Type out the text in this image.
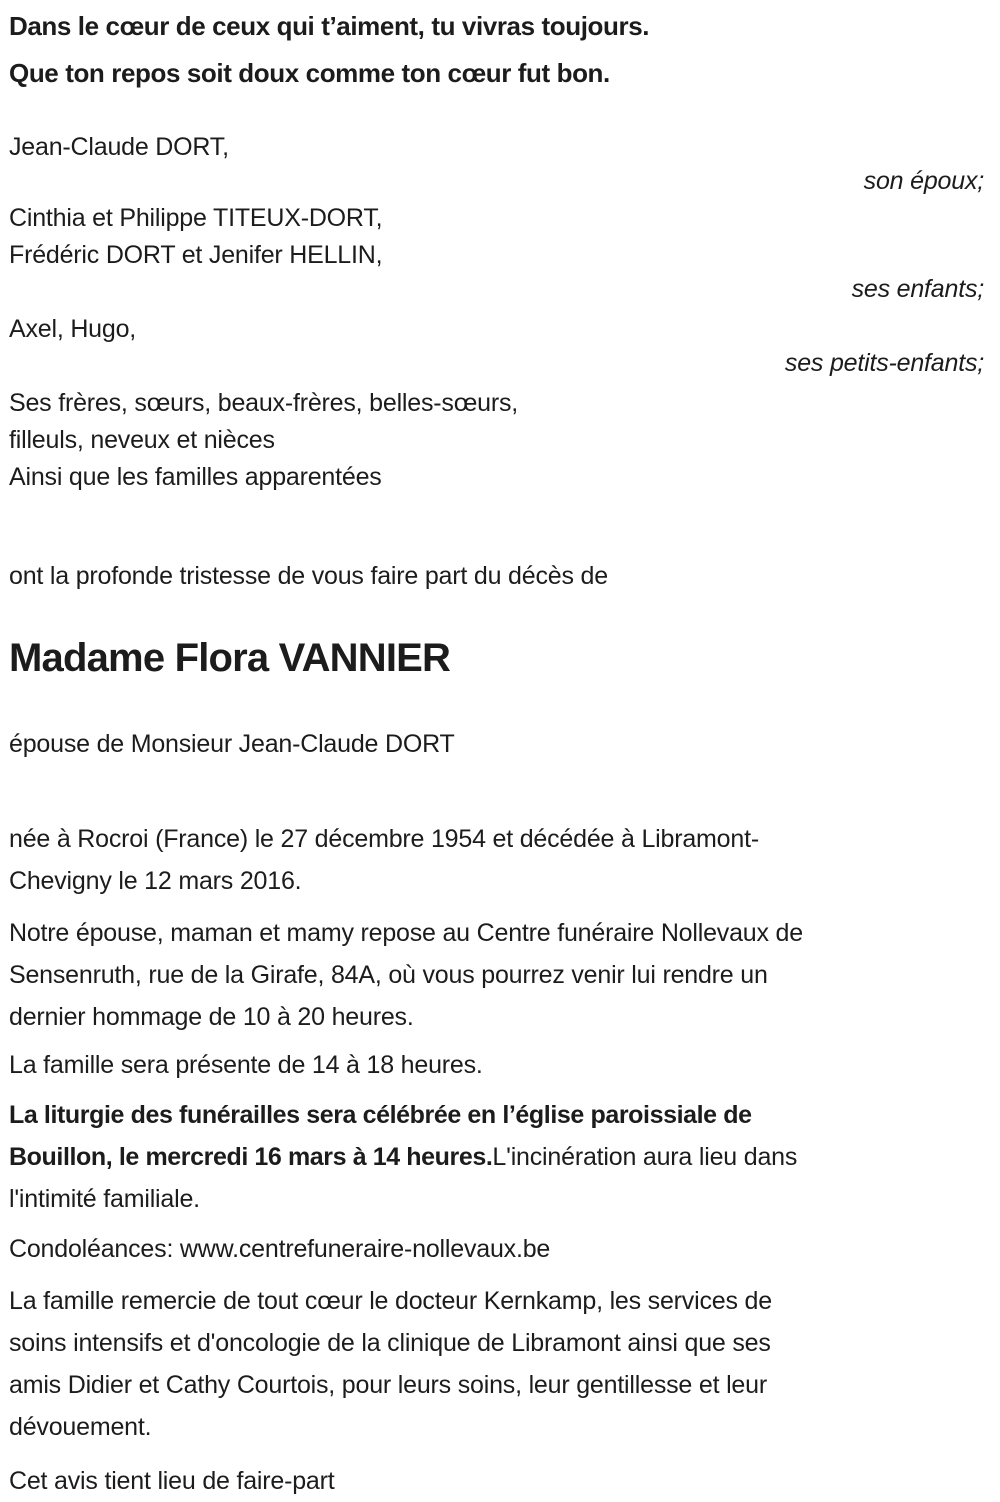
Dans le cœur de ceux qui t’aiment, tu vivras toujours.

Que ton repos soit doux comme ton cœur fut bon.

Jean-Claude DORT,
son époux;
Cinthia et Philippe TITEUX-DORT,
Frédéric DORT et Jenifer HELLIN,
ses enfants;
Axel, Hugo,
ses petits-enfants;
Ses frères, sœurs, beaux-frères, belles-sœurs,
filleuls, neveux et nièces
Ainsi que les familles apparentées
ont la profonde tristesse de vous faire part du décès de
Madame Flora VANNIER
épouse de Monsieur Jean-Claude DORT
née à Rocroi (France) le 27 décembre 1954 et décédée à Libramont-
Chevigny le 12 mars 2016.
Notre épouse, maman et mamy repose au Centre funéraire Nollevaux de
Sensenruth, rue de la Girafe, 84A, où vous pourrez venir lui rendre un
dernier hommage de 10 à 20 heures.
La famille sera présente de 14 à 18 heures.
La liturgie des funérailles sera célébrée en l’église paroissiale de
Bouillon, le mercredi 16 mars à 14 heures.L'incinération aura lieu dans
l'intimité familiale.
Condoléances: www.centrefuneraire-nollevaux.be
La famille remercie de tout cœur le docteur Kernkamp, les services de
soins intensifs et d'oncologie de la clinique de Libramont ainsi que ses
amis Didier et Cathy Courtois, pour leurs soins, leur gentillesse et leur
dévouement.
Cet avis tient lieu de faire-part
